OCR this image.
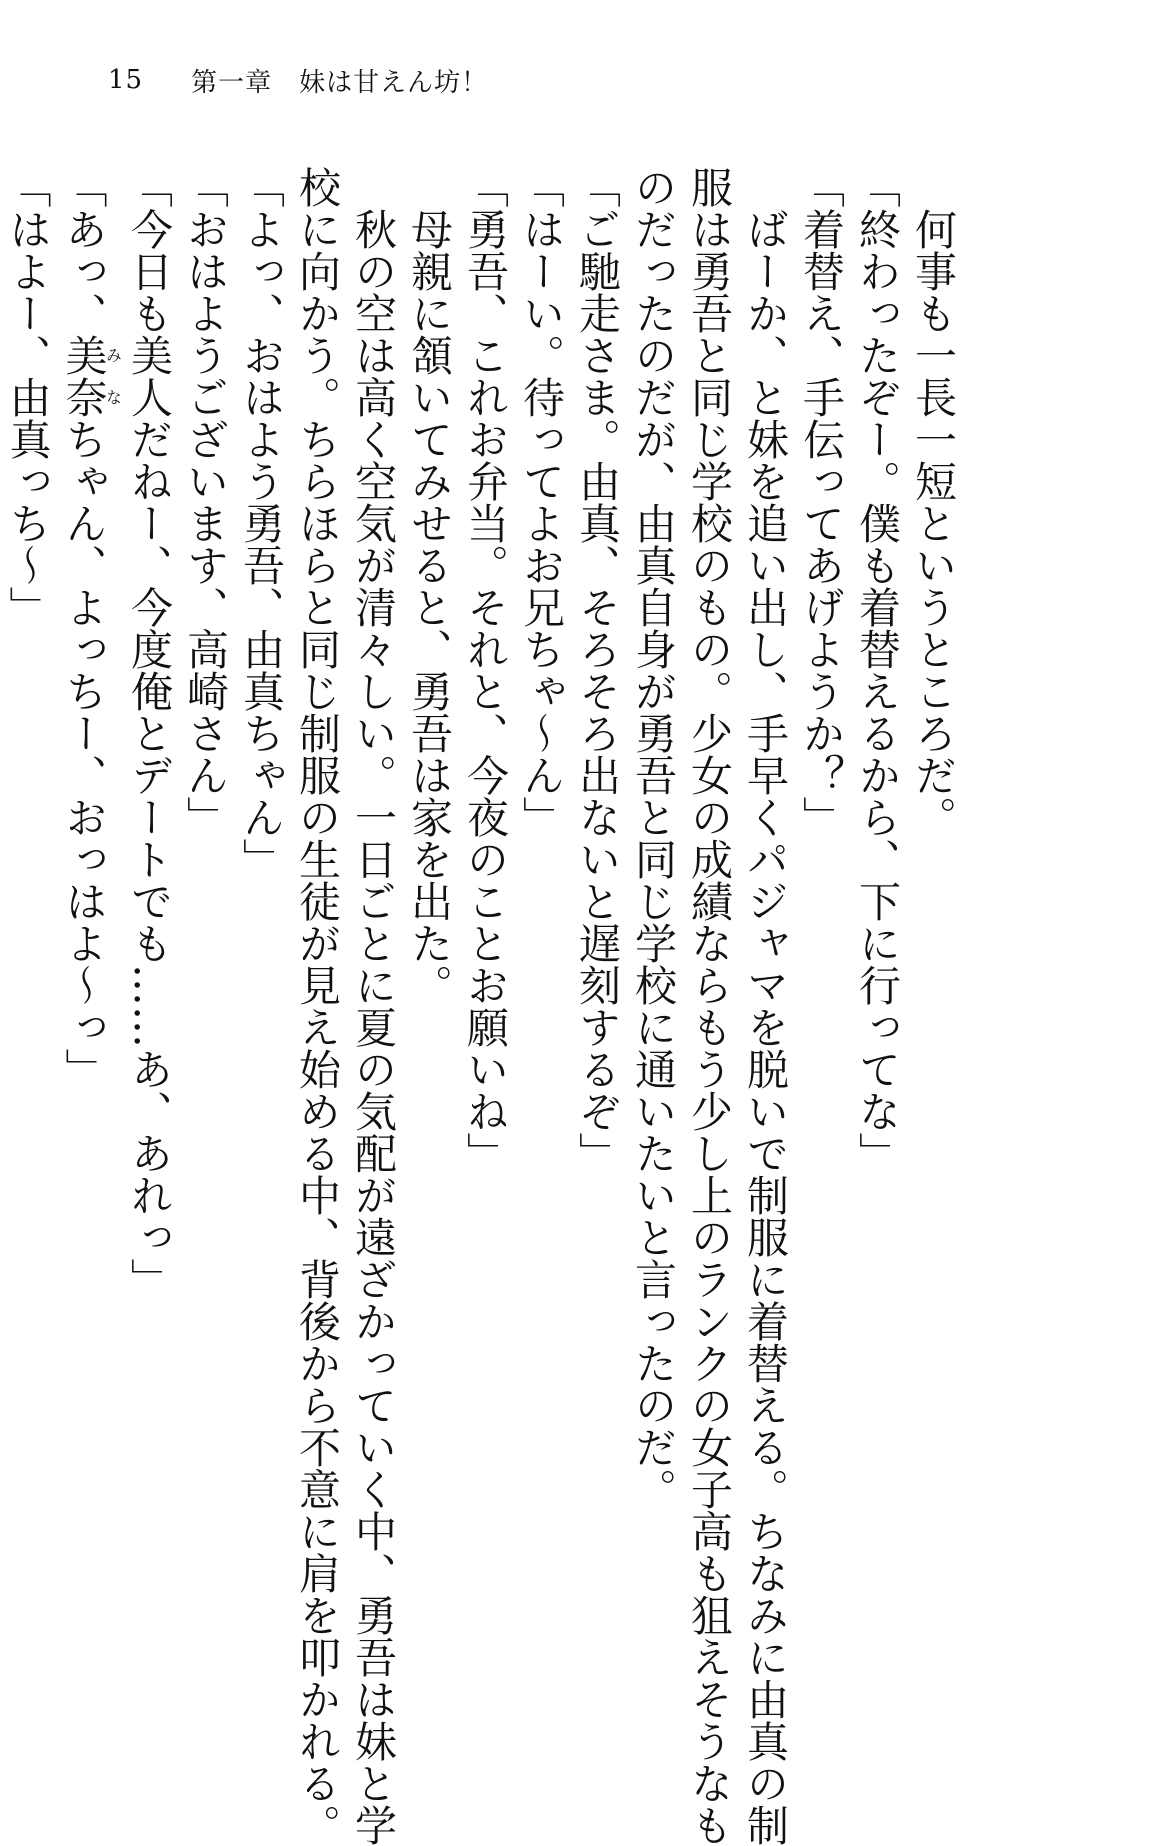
15 第一章　妹は甘えん坊！
何事も一長一短というところだ。
「終わったぞー。僕も着替えるから、下に行ってな」
「着替え、手伝ってあげようか？」
ばーか、と妹を追い出し、手早くパジャマを脱いで制服に着替える。ちなみに由真の制
服は勇吾と同じ学校のもの。少女の成績ならもう少し上のランクの女子高も狙えそうなも
のだったのだが、由真自身が勇吾と同じ学校に通いたいと言ったのだ。
「ご馳走さま。由真、そろそろ出ないと遅刻するぞ」
「はーい。待ってよお兄ちゃ〜ん」
「勇吾、これお弁当。それと、今夜のことお願いね」
母親に頷いてみせると、勇吾は家を出た。
秋の空は高く空気が清々しい。一日ごとに夏の気配が遠ざかっていく中、勇吾は妹と学
校に向かう。ちらほらと同じ制服の生徒が見え始める中、背後から不意に肩を叩かれる。
「よっ、おはよう勇吾、由真ちゃん」
「おはようございます、高崎さん」
「今日も美人だねー、今度俺とデートでも……あ、あれっ」
「あっ、美奈みなちゃん、よっちー、おっはよ〜っ」
「はよー、由真っち〜」
